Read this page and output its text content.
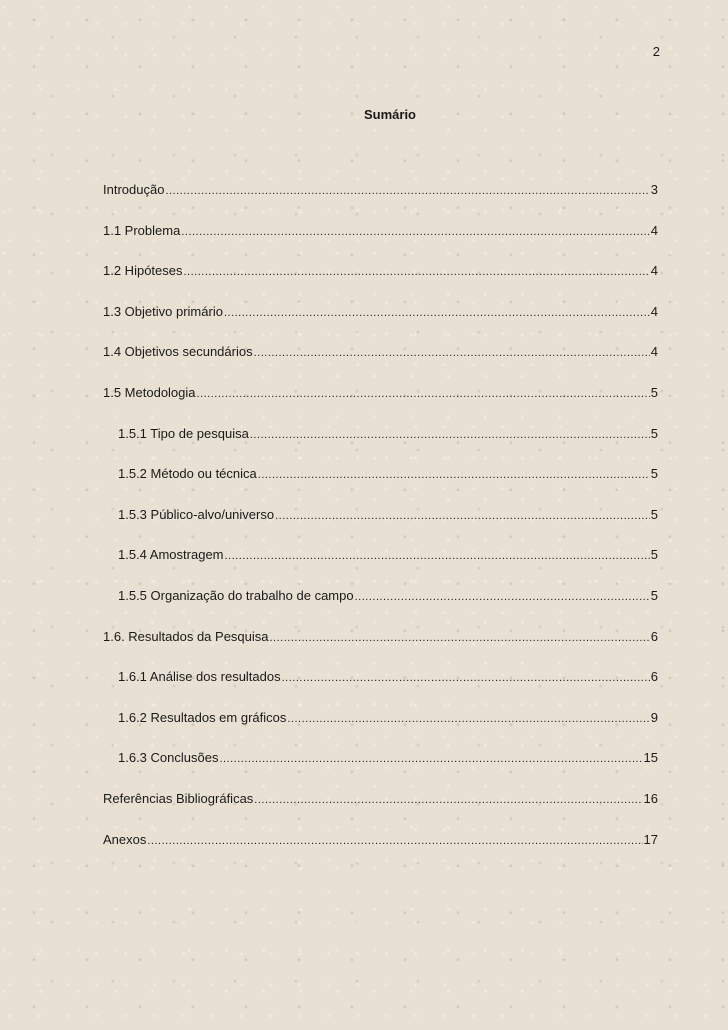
2
Sumário
Introdução .....	3
1.1 Problema .....	4
1.2 Hipóteses .....	4
1.3 Objetivo primário .....	4
1.4 Objetivos secundários .....	4
1.5 Metodologia .....	5
1.5.1 Tipo de pesquisa .....	5
1.5.2 Método ou técnica .....	5
1.5.3 Público-alvo/universo .....	5
1.5.4 Amostragem .....	5
1.5.5 Organização do trabalho de campo .....	5
1.6. Resultados da Pesquisa .....	6
1.6.1 Análise dos resultados .....	6
1.6.2 Resultados em gráficos .....	9
1.6.3 Conclusões .....	15
Referências Bibliográficas .....	16
Anexos .....	17
